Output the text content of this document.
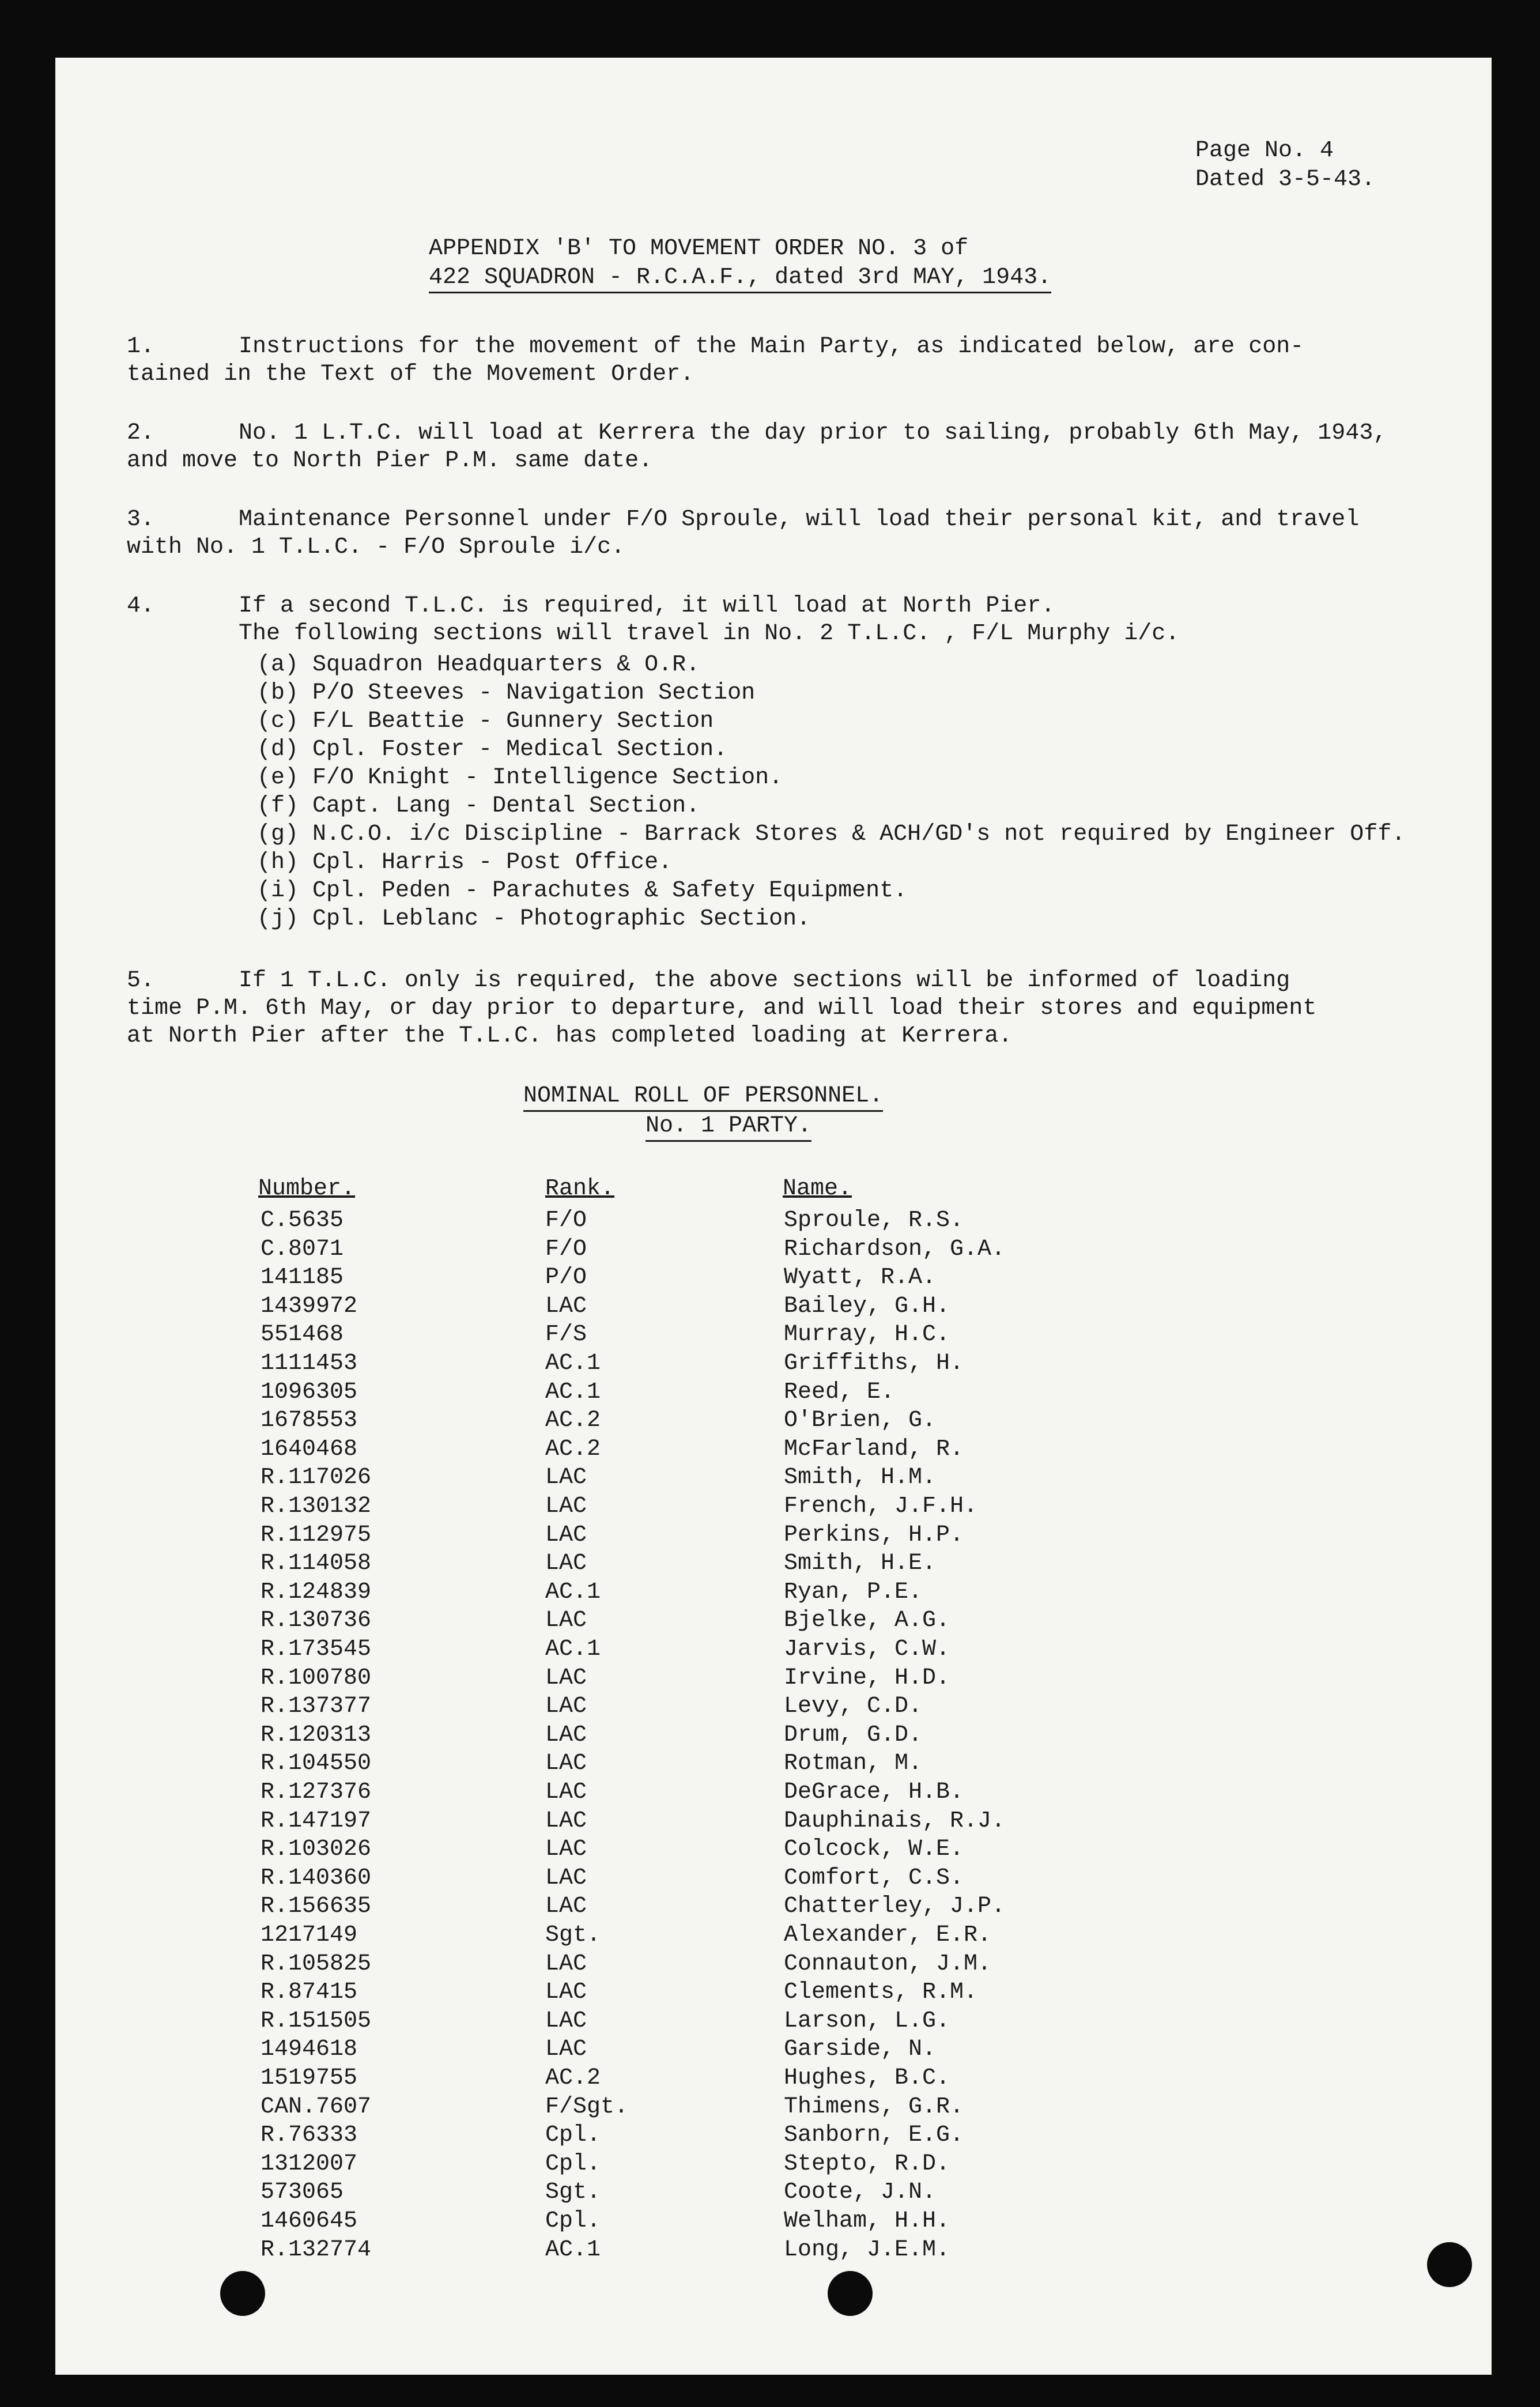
Page No. 4
Dated 3-5-43.
APPENDIX 'B' TO MOVEMENT ORDER NO. 3 of
422 SQUADRON - R.C.A.F., dated 3rd MAY, 1943.
1.	Instructions for the movement of the Main Party, as indicated below, are con-
tained in the Text of the Movement Order.
2.	No. 1 L.T.C. will load at Kerrera the day prior to sailing, probably 6th May, 1943,
and move to North Pier P.M. same date.
3.	Maintenance Personnel under F/O Sproule, will load their personal kit, and travel
with No. 1 T.L.C. - F/O Sproule i/c.
4.	If a second T.L.C. is required, it will load at North Pier.
The following sections will travel in No. 2 T.L.C. , F/L Murphy i/c.
(a) Squadron Headquarters & O.R.
(b) P/O Steeves - Navigation Section
(c) F/L Beattie - Gunnery Section
(d) Cpl. Foster - Medical Section.
(e) F/O Knight - Intelligence Section.
(f) Capt. Lang - Dental Section.
(g) N.C.O. i/c Discipline - Barrack Stores & ACH/GD's not required by Engineer Off.
(h) Cpl. Harris - Post Office.
(i) Cpl. Peden - Parachutes & Safety Equipment.
(j) Cpl. Leblanc - Photographic Section.
5.	If 1 T.L.C. only is required, the above sections will be informed of loading
time P.M. 6th May, or day prior to departure, and will load their stores and equipment
at North Pier after the T.L.C. has completed loading at Kerrera.
NOMINAL ROLL OF PERSONNEL.
No. 1 PARTY.
Number.	Rank.	Name.
C.5635	F/O	Sproule, R.S.
C.8071	F/O	Richardson, G.A.
141185	P/O	Wyatt, R.A.
1439972	LAC	Bailey, G.H.
551468	F/S	Murray, H.C.
1111453	AC.1	Griffiths, H.
1096305	AC.1	Reed, E.
1678553	AC.2	O'Brien, G.
1640468	AC.2	McFarland, R.
R.117026	LAC	Smith, H.M.
R.130132	LAC	French, J.F.H.
R.112975	LAC	Perkins, H.P.
R.114058	LAC	Smith, H.E.
R.124839	AC.1	Ryan, P.E.
R.130736	LAC	Bjelke, A.G.
R.173545	AC.1	Jarvis, C.W.
R.100780	LAC	Irvine, H.D.
R.137377	LAC	Levy, C.D.
R.120313	LAC	Drum, G.D.
R.104550	LAC	Rotman, M.
R.127376	LAC	DeGrace, H.B.
R.147197	LAC	Dauphinais, R.J.
R.103026	LAC	Colcock, W.E.
R.140360	LAC	Comfort, C.S.
R.156635	LAC	Chatterley, J.P.
1217149	Sgt.	Alexander, E.R.
R.105825	LAC	Connauton, J.M.
R.87415	LAC	Clements, R.M.
R.151505	LAC	Larson, L.G.
1494618	LAC	Garside, N.
1519755	AC.2	Hughes, B.C.
CAN.7607	F/Sgt.	Thimens, G.R.
R.76333	Cpl.	Sanborn, E.G.
1312007	Cpl.	Stepto, R.D.
573065	Sgt.	Coote, J.N.
1460645	Cpl.	Welham, H.H.
R.132774	AC.1	Long, J.E.M.
